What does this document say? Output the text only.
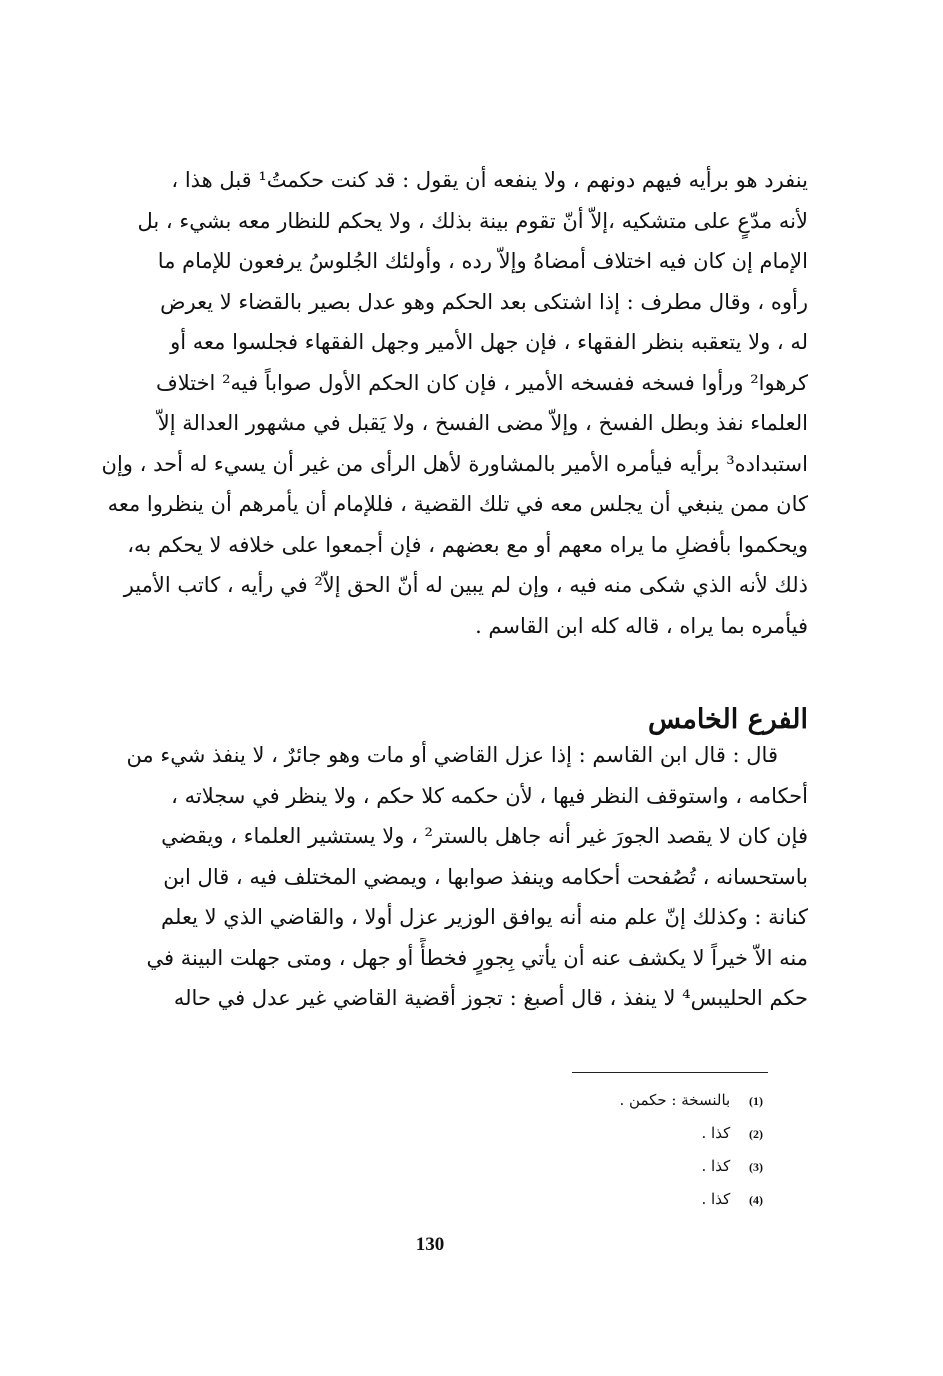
ينفرد هو برأيه فيهم دونهم ، ولا ينفعه أن يقول : قد كنت حكمتُ¹ قبل هذا ،
لأنه مدّعٍ على متشكيه ،إلاّ أنّ تقوم بينة بذلك ، ولا يحكم للنظار معه بشيء ، بل
الإمام إن كان فيه اختلاف أمضاهُ وإلاّ رده ، وأولئك الجُلوسُ يرفعون للإمام ما
رأوه ، وقال مطرف : إذا اشتكى بعد الحكم وهو عدل بصير بالقضاء لا يعرض
له ، ولا يتعقبه بنظر الفقهاء ، فإن جهل الأمير وجهل الفقهاء فجلسوا معه أو
كرهوا² ورأوا فسخه ففسخه الأمير ، فإن كان الحكم الأول صواباً فيه² اختلاف
العلماء نفذ وبطل الفسخ ، وإلاّ مضى الفسخ ، ولا يَقبل في مشهور العدالة إلاّ
استبداده³ برأيه فيأمره الأمير بالمشاورة لأهل الرأى من غير أن يسيء له أحد ، وإن
كان ممن ينبغي أن يجلس معه في تلك القضية ، فللإمام أن يأمرهم أن ينظروا معه
ويحكموا بأفضلِ ما يراه معهم أو مع بعضهم ، فإن أجمعوا على خلافه لا يحكم به،
ذلك لأنه الذي شكى منه فيه ، وإن لم يبين له أنّ الحق إلاّ² في رأيه ، كاتب الأمير
فيأمره بما يراه ، قاله كله ابن القاسم .
الفرع الخامس
قال : قال ابن القاسم : إذا عزل القاضي أو مات وهو جائرٌ ، لا ينفذ شيء من
أحكامه ، واستوقف النظر فيها ، لأن حكمه كلا حكم ، ولا ينظر في سجلاته ،
فإن كان لا يقصد الجورَ غير أنه جاهل بالستر² ، ولا يستشير العلماء ، ويقضي
باستحسانه ، تُصُفحت أحكامه وينفذ صوابها ، ويمضي المختلف فيه ، قال ابن
كنانة : وكذلك إنّ علم منه أنه يوافق الوزير عزل أولا ، والقاضي الذي لا يعلم
منه الاّ خيراً لا يكشف عنه أن يأتي بِجورٍ فخطأً أو جهل ، ومتى جهلت البينة في
حكم الحليبس⁴ لا ينفذ ، قال أصبغ : تجوز أقضية القاضي غير عدل في حاله
(1) بالنسخة : حكمن .
(2) كذا .
(3) كذا .
(4) كذا .
130
